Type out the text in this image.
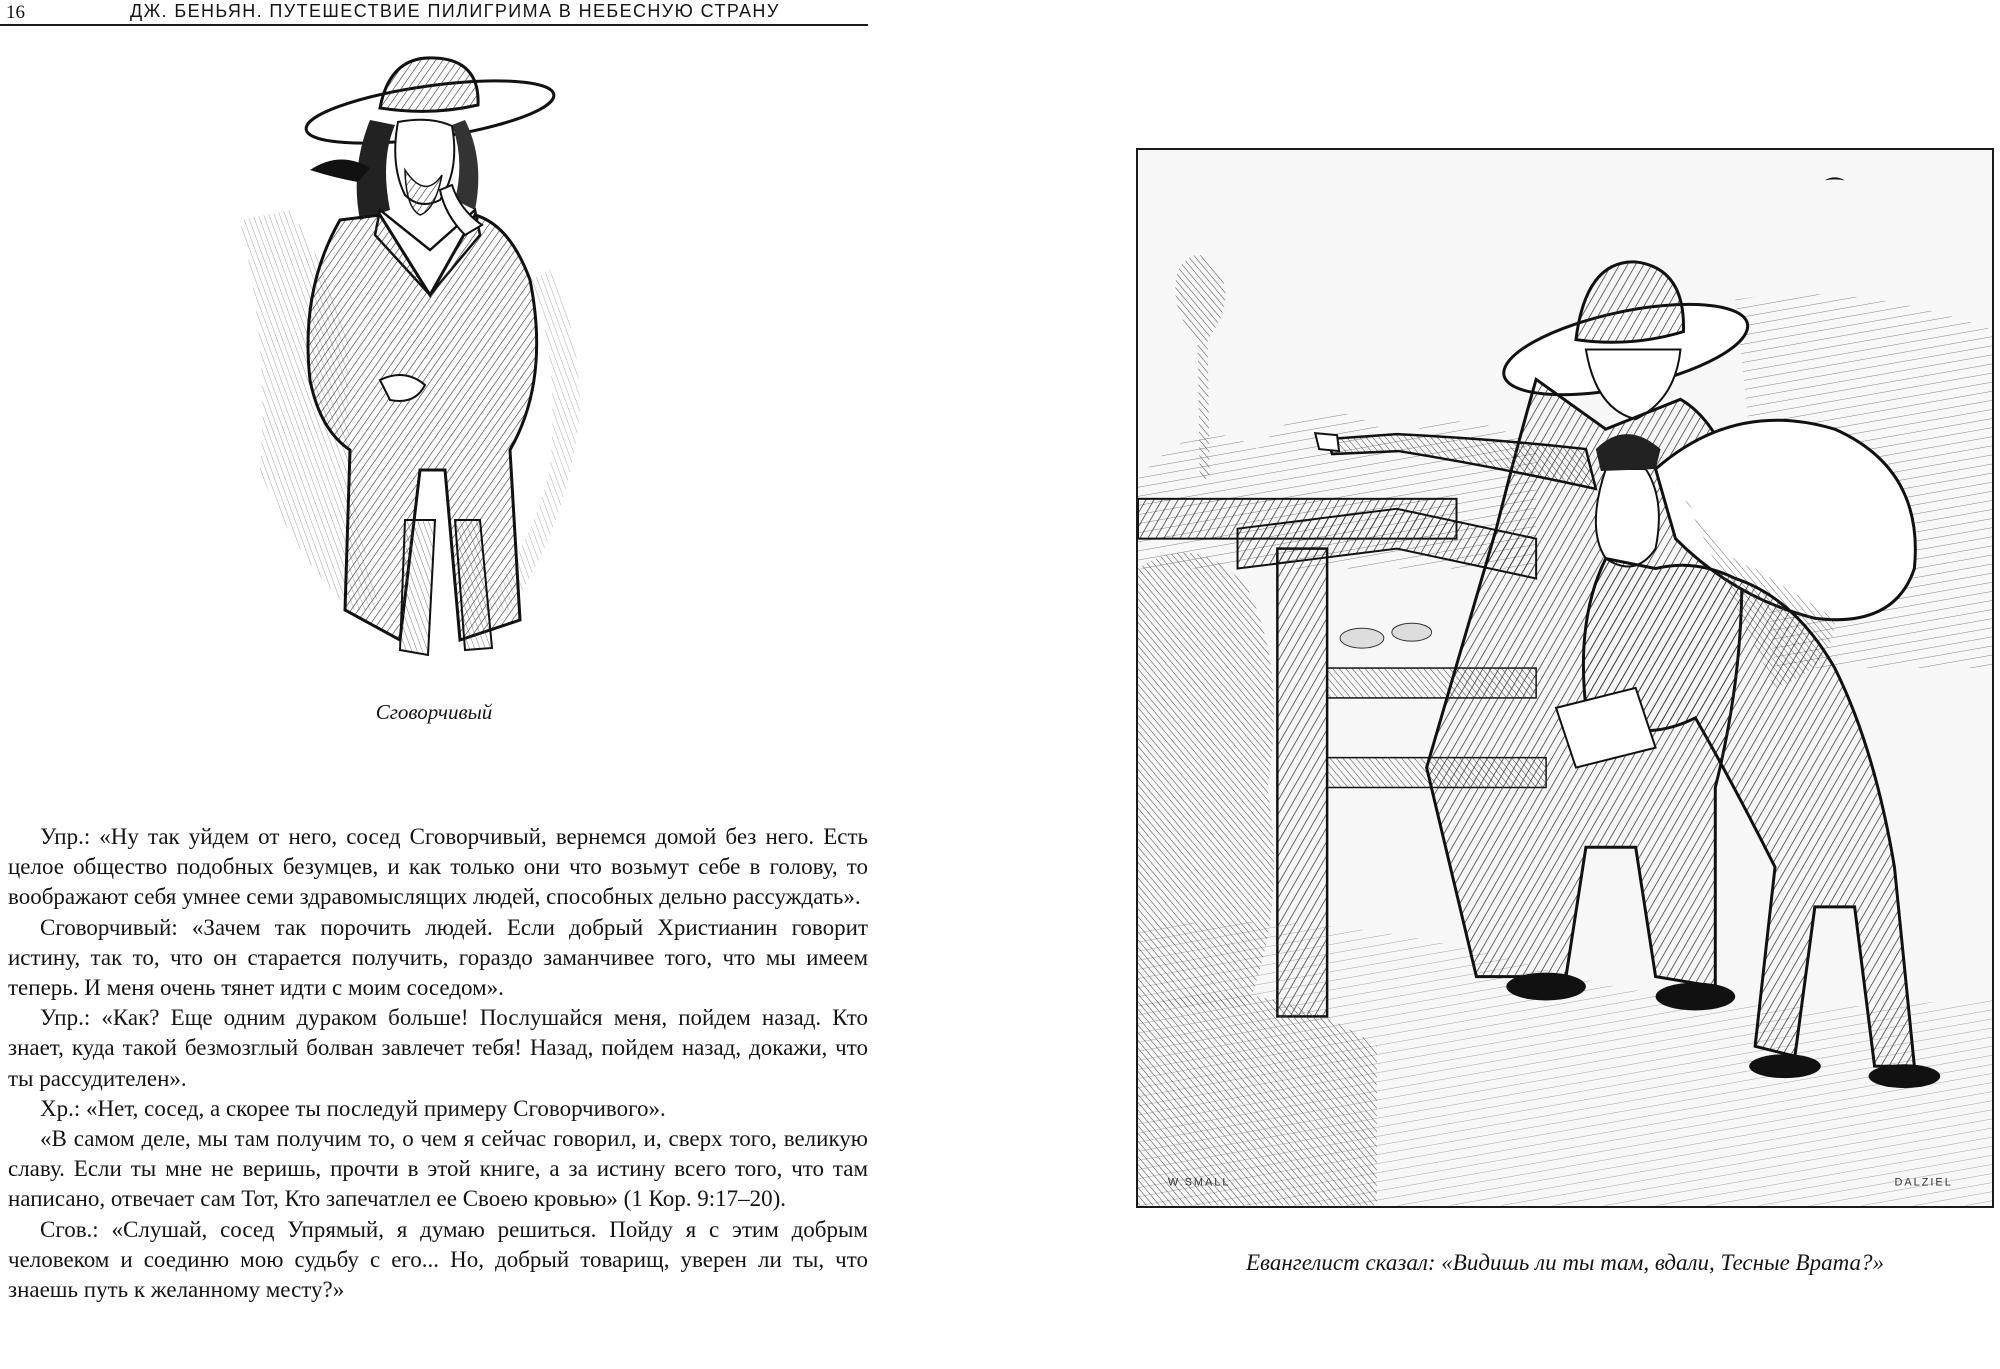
16	ДЖ. БЕНЬЯН. ПУТЕШЕСТВИЕ ПИЛИГРИМА В НЕБЕСНУЮ СТРАНУ
Сговорчивый

Упр.: «Ну так уйдем от него, сосед Сговорчивый, вернемся домой без него. Есть целое общество подобных безумцев, и как только они что возьмут себе в голову, то воображают себя умнее семи здравомыслящих людей, способных дельно рассуждать».

Сговорчивый: «Зачем так порочить людей. Если добрый Христианин говорит истину, так то, что он старается получить, гораздо заманчивее того, что мы имеем теперь. И меня очень тянет идти с моим соседом».

Упр.: «Как? Еще одним дураком больше! Послушайся меня, пойдем назад. Кто знает, куда такой безмозглый болван завлечет тебя! Назад, пойдем назад, докажи, что ты рассудителен».

Хр.: «Нет, сосед, а скорее ты последуй примеру Сговорчивого».

«В самом деле, мы там получим то, о чем я сейчас говорил, и, сверх того, великую славу. Если ты мне не веришь, прочти в этой книге, а за истину всего того, что там написано, отвечает сам Тот, Кто запечатлел ее Своею кровью» (1 Кор. 9:17–20).

Сгов.: «Слушай, сосед Упрямый, я думаю решиться. Пойду я с этим добрым человеком и соединю мою судьбу с его... Но, добрый товарищ, уверен ли ты, что знаешь путь к желанному месту?»

W.SMALL	DALZIEL
Евангелист сказал: «Видишь ли ты там, вдали, Тесные Врата?»
